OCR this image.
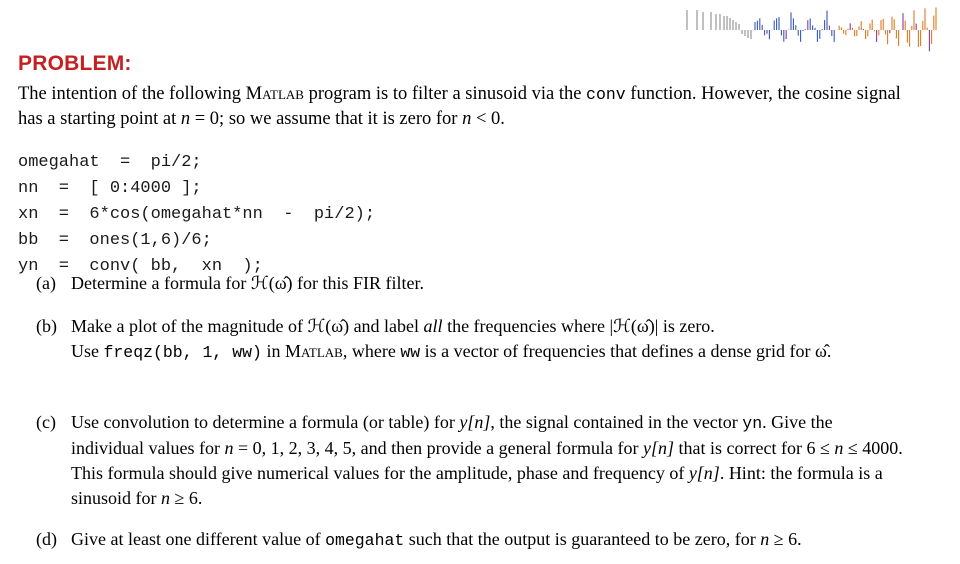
PROBLEM:
The intention of the following Matlab program is to filter a sinusoid via the conv function. However, the cosine signal has a starting point at n = 0; so we assume that it is zero for n < 0.
omegahat  =  pi/2;
nn  =  [ 0:4000 ];
xn  =  6*cos(omegahat*nn  -  pi/2);
bb  =  ones(1,6)/6;
yn  =  conv( bb,  xn  );
(a) Determine a formula for ℋ(ω̂) for this FIR filter.
(b) Make a plot of the magnitude of ℋ(ω̂) and label all the frequencies where |ℋ(ω̂)| is zero.
Use freqz(bb, 1, ww) in Matlab, where ww is a vector of frequencies that defines a dense grid for ω̂.
(c) Use convolution to determine a formula (or table) for y[n], the signal contained in the vector yn. Give the individual values for n = 0, 1, 2, 3, 4, 5, and then provide a general formula for y[n] that is correct for 6 ≤ n ≤ 4000. This formula should give numerical values for the amplitude, phase and frequency of y[n]. Hint: the formula is a sinusoid for n ≥ 6.
(d) Give at least one different value of omegahat such that the output is guaranteed to be zero, for n ≥ 6.
